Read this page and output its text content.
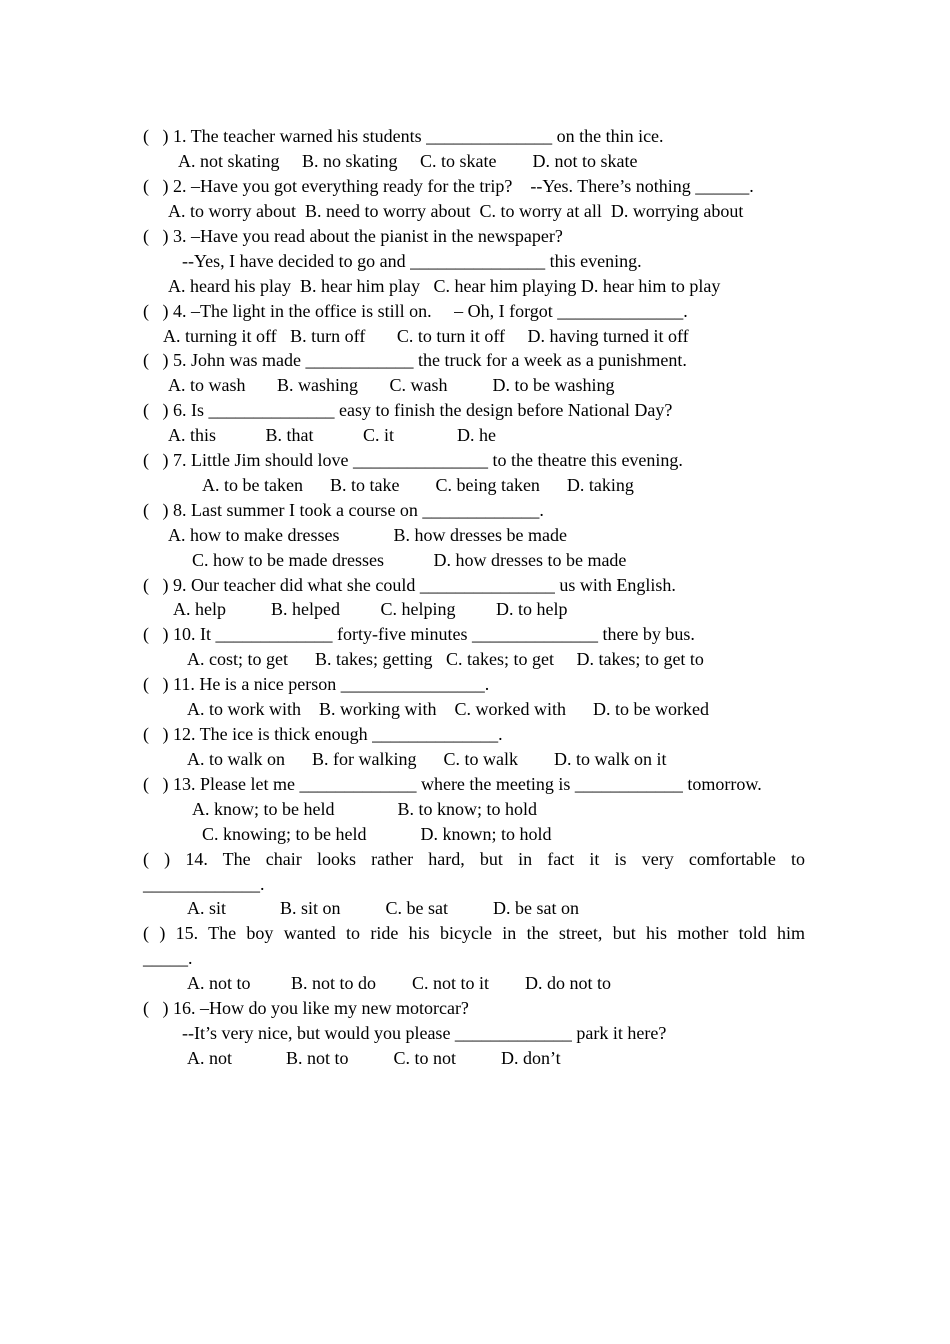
(   ) 1. The teacher warned his students ______________ on the thin ice.
A. not skating     B. no skating     C. to skate        D. not to skate
(   ) 2. –Have you got everything ready for the trip?    --Yes. There’s nothing ______.
A. to worry about  B. need to worry about  C. to worry at all  D. worrying about
(   ) 3. –Have you read about the pianist in the newspaper?
--Yes, I have decided to go and _______________ this evening.
A. heard his play  B. hear him play   C. hear him playing D. hear him to play
(   ) 4. –The light in the office is still on.     – Oh, I forgot ______________.
A. turning it off   B. turn off       C. to turn it off     D. having turned it off
(   ) 5. John was made ____________ the truck for a week as a punishment.
A. to wash       B. washing       C. wash          D. to be washing
(   ) 6. Is ______________ easy to finish the design before National Day?
A. this           B. that           C. it              D. he
(   ) 7. Little Jim should love _______________ to the theatre this evening.
A. to be taken      B. to take        C. being taken      D. taking
(   ) 8. Last summer I took a course on _____________.
A. how to make dresses            B. how dresses be made
C. how to be made dresses           D. how dresses to be made
(   ) 9. Our teacher did what she could _______________ us with English.
A. help          B. helped         C. helping         D. to help
(   ) 10. It _____________ forty-five minutes ______________ there by bus.
A. cost; to get      B. takes; getting   C. takes; to get     D. takes; to get to
(   ) 11. He is a nice person ________________.
A. to work with    B. working with    C. worked with      D. to be worked
(   ) 12. The ice is thick enough ______________.
A. to walk on      B. for walking      C. to walk        D. to walk on it
(   ) 13. Please let me _____________ where the meeting is ____________ tomorrow.
A. know; to be held              B. to know; to hold
C. knowing; to be held            D. known; to hold
( ) 14. The chair looks rather hard, but in fact it is very comfortable to
_____________.
A. sit            B. sit on          C. be sat          D. be sat on
( ) 15. The boy wanted to ride his bicycle in the street, but his mother told him
_____.
A. not to         B. not to do        C. not to it        D. do not to
(   ) 16. –How do you like my new motorcar?
--It’s very nice, but would you please _____________ park it here?
A. not            B. not to          C. to not          D. don’t
